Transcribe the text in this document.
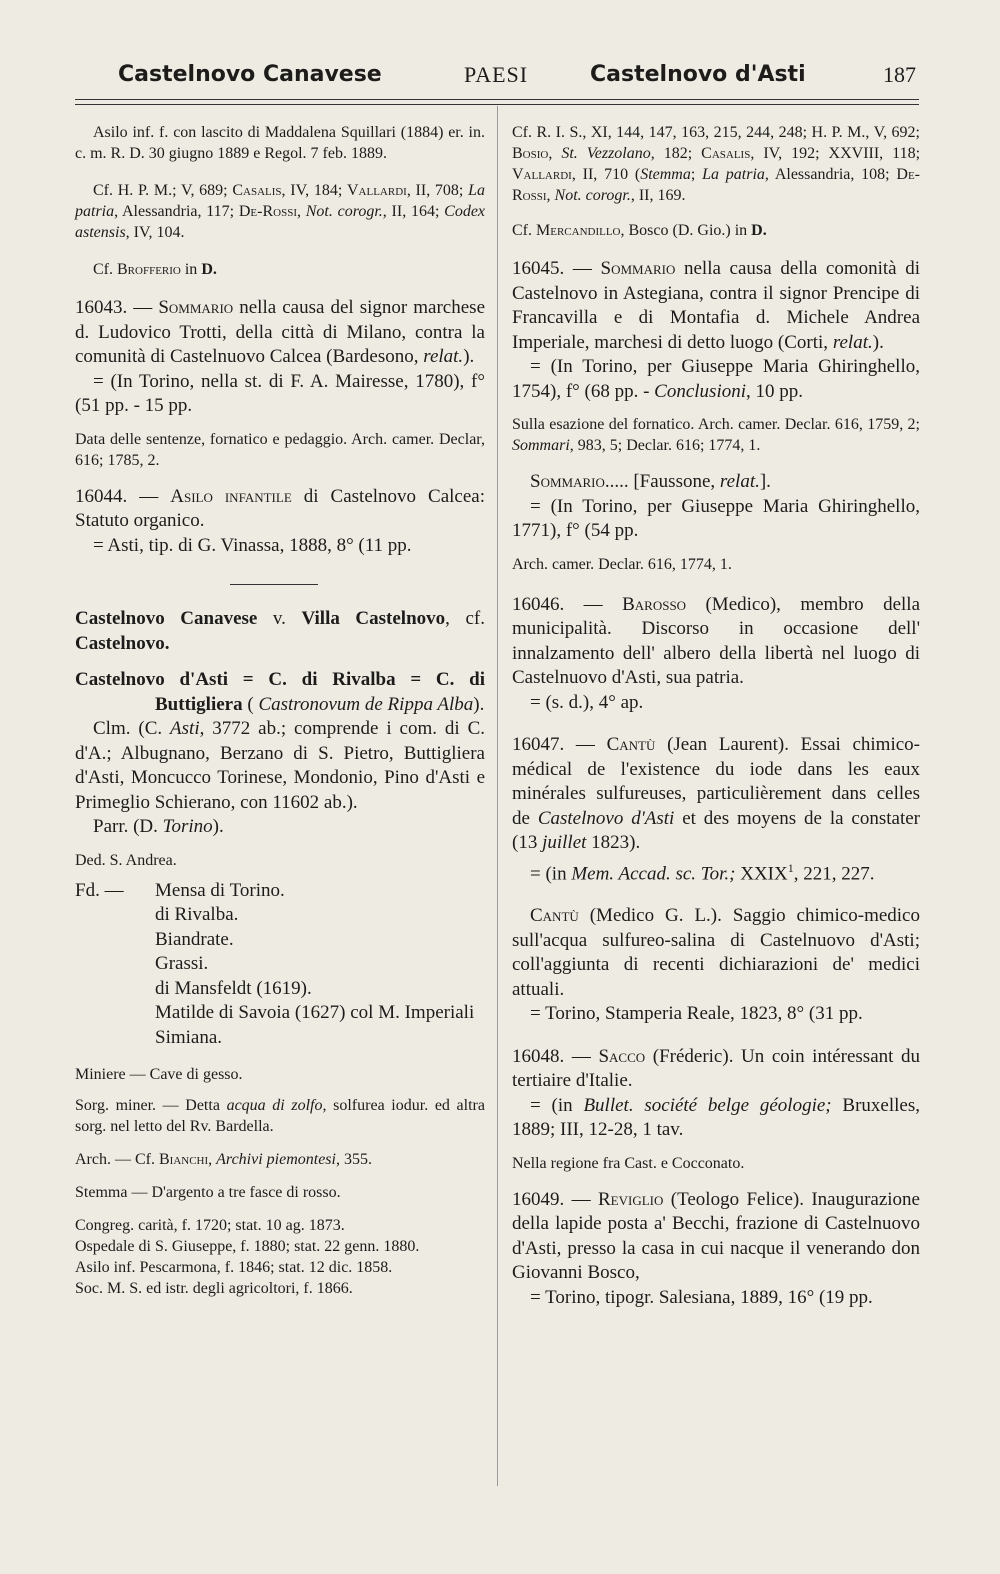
Castelnovo Canavese	PAESI	Castelnovo d'Asti	187

Asilo inf. f. con lascito di Maddalena Squillari (1884) er. in. c. m. R. D. 30 giugno 1889 e Regol. 7 feb. 1889.

Cf. H. P. M.; V, 689; Casalis, IV, 184; Vallardi, II, 708; La patria, Alessandria, 117; De-Rossi, Not. corogr., II, 164; Codex astensis, IV, 104.

Cf. Brofferio in D.

16043. — Sommario nella causa del signor marchese d. Ludovico Trotti, della città di Milano, contra la comunità di Castelnuovo Calcea (Bardesono, relat.).

= (In Torino, nella st. di F. A. Mairesse, 1780), f° (51 pp. - 15 pp.

Data delle sentenze, fornatico e pedaggio. Arch. camer. Declar, 616; 1785, 2.

16044. — Asilo infantile di Castelnovo Calcea: Statuto organico.

= Asti, tip. di G. Vinassa, 1888, 8° (11 pp.

Castelnovo Canavese v. Villa Castelnovo, cf. Castelnovo.

Castelnovo d'Asti = C. di Rivalba = C. di Buttigliera ( Castronovum de Rippa Alba).

Clm. (C. Asti, 3772 ab.; comprende i com. di C. d'A.; Albugnano, Berzano di S. Pietro, Buttigliera d'Asti, Moncucco Torinese, Mondonio, Pino d'Asti e Primeglio Schierano, con 11602 ab.).

Parr. (D. Torino).

Ded. S. Andrea.

Fd. — Mensa di Torino.

di Rivalba.

Biandrate.

Grassi.

di Mansfeldt (1619).

Matilde di Savoia (1627) col M. Imperiali Simiana.

Miniere — Cave di gesso.

Sorg. miner. — Detta acqua di zolfo, solfurea iodur. ed altra sorg. nel letto del Rv. Bardella.

Arch. — Cf. Bianchi, Archivi piemontesi, 355.

Stemma — D'argento a tre fasce di rosso.

Congreg. carità, f. 1720; stat. 10 ag. 1873.

Ospedale di S. Giuseppe, f. 1880; stat. 22 genn. 1880.

Asilo inf. Pescarmona, f. 1846; stat. 12 dic. 1858.

Soc. M. S. ed istr. degli agricoltori, f. 1866.

Cf. R. I. S., XI, 144, 147, 163, 215, 244, 248; H. P. M., V, 692; Bosio, St. Vezzolano, 182; Casalis, IV, 192; XXVIII, 118; Vallardi, II, 710 (Stemma; La patria, Alessandria, 108; De-Rossi, Not. corogr., II, 169.

Cf. Mercandillo, Bosco (D. Gio.) in D.

16045. — Sommario nella causa della comonità di Castelnovo in Astegiana, contra il signor Prencipe di Francavilla e di Montafia d. Michele Andrea Imperiale, marchesi di detto luogo (Corti, relat.).

= (In Torino, per Giuseppe Maria Ghiringhello, 1754), f° (68 pp. - Conclusioni, 10 pp.

Sulla esazione del fornatico. Arch. camer. Declar. 616, 1759, 2; Sommari, 983, 5; Declar. 616; 1774, 1.

Sommario..... [Faussone, relat.].

= (In Torino, per Giuseppe Maria Ghiringhello, 1771), f° (54 pp.

Arch. camer. Declar. 616, 1774, 1.

16046. — Barosso (Medico), membro della municipalità. Discorso in occasione dell' innalzamento dell' albero della libertà nel luogo di Castelnuovo d'Asti, sua patria.

= (s. d.), 4° ap.

16047. — Cantù (Jean Laurent). Essai chimico-médical de l'existence du iode dans les eaux minérales sulfureuses, particulièrement dans celles de Castelnovo d'Asti et des moyens de la constater (13 juillet 1823).

= (in Mem. Accad. sc. Tor.; XXIX$^1$, 221, 227.

Cantù (Medico G. L.). Saggio chimico-medico sull'acqua sulfureo-salina di Castelnuovo d'Asti; coll'aggiunta di recenti dichiarazioni de' medici attuali.

= Torino, Stamperia Reale, 1823, 8° (31 pp.

16048. — Sacco (Fréderic). Un coin intéressant du tertiaire d'Italie.

= (in Bullet. société belge géologie; Bruxelles, 1889; III, 12-28, 1 tav.

Nella regione fra Cast. e Cocconato.

16049. — Reviglio (Teologo Felice). Inaugurazione della lapide posta a' Becchi, frazione di Castelnuovo d'Asti, presso la casa in cui nacque il venerando don Giovanni Bosco,

= Torino, tipogr. Salesiana, 1889, 16° (19 pp.
